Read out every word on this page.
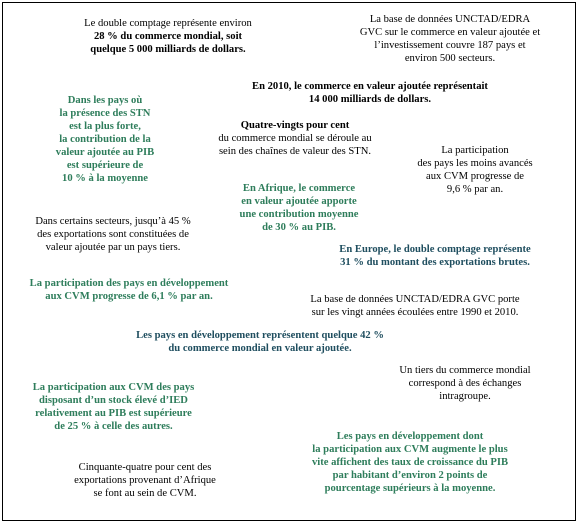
Le double comptage représente environ
28 % du commerce mondial, soit
quelque 5 000 milliards de dollars.
La base de données UNCTAD/EDRA
GVC sur le commerce en valeur ajoutée et
l’investissement couvre 187 pays et
environ 500 secteurs.
En 2010, le commerce en valeur ajoutée représentait
14 000 milliards de dollars.
Dans les pays où
la présence des STN
est la plus forte,
la contribution de la
valeur ajoutée au PIB
est supérieure de
10 % à la moyenne
Quatre-vingts pour cent
du commerce mondial se déroule au
sein des chaînes de valeur des STN.	La participation
des pays les moins avancés
aux CVM progresse de
9,6 % par an.
En Afrique, le commerce
en valeur ajoutée apporte
une contribution moyenne
de 30 % au PIB.
Dans certains secteurs, jusqu’à 45 %
des exportations sont constituées de
valeur ajoutée par un pays tiers.	En Europe, le double comptage représente
31 % du montant des exportations brutes.
La participation des pays en développement
aux CVM progresse de 6,1 % par an.	La base de données UNCTAD/EDRA GVC porte
sur les vingt années écoulées entre 1990 et 2010.
Les pays en développement représentent quelque 42 %
du commerce mondial en valeur ajoutée.
Un tiers du commerce mondial
correspond à des échanges
intragroupe.
La participation aux CVM des pays
disposant d’un stock élevé d’IED
relativement au PIB est supérieure
de 25 % à celle des autres.
Les pays en développement dont
la participation aux CVM augmente le plus
vite affichent des taux de croissance du PIB
par habitant d’environ 2 points de
pourcentage supérieurs à la moyenne.
Cinquante-quatre pour cent des
exportations provenant d’Afrique
se font au sein de CVM.
